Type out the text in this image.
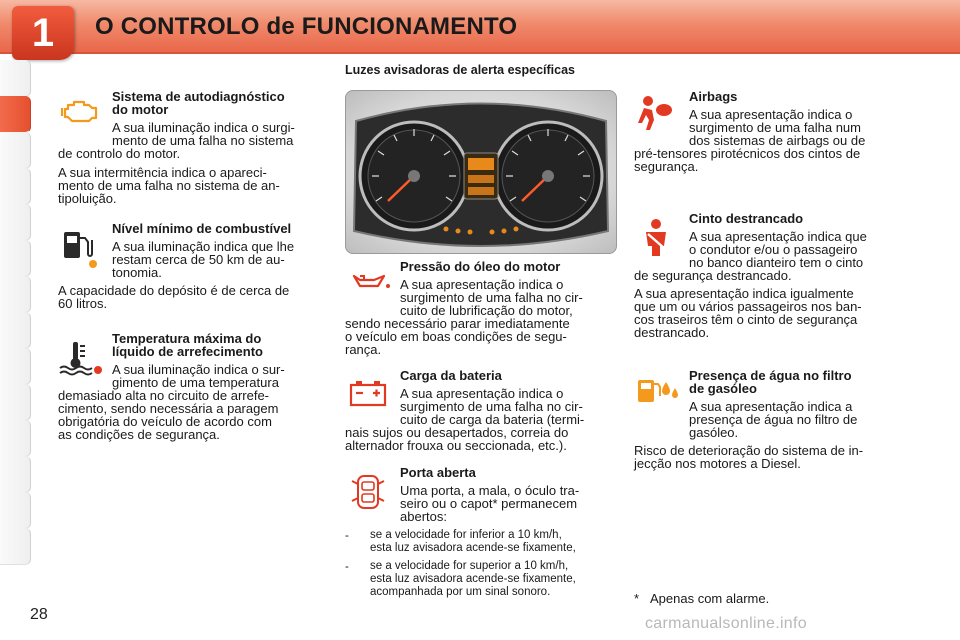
O CONTROLO de FUNCIONAMENTO
1
28

Sistema de autodiagnóstico

do motor

A sua iluminação indica o surgi-

mento de uma falha no sistema

de controlo do motor.

A sua intermitência indica o apareci-

mento de uma falha no sistema de an-

tipoluição.

Nível mínimo de combustível

A sua iluminação indica que lhe

restam cerca de 50 km de au-

tonomia.

A capacidade do depósito é de cerca de

60 litros.

Temperatura máxima do

líquido de arrefecimento

A sua iluminação indica o sur-

gimento de uma temperatura

demasiado alta no circuito de arrefe-

cimento, sendo necessária a paragem

obrigatória do veículo de acordo com

as condições de segurança.

Luzes avisadoras de alerta específicas

Pressão do óleo do motor

A sua apresentação indica o

surgimento de uma falha no cir-

cuito de lubrificação do motor,

sendo necessário parar imediatamente

o veículo em boas condições de segu-

rança.

Carga da bateria

A sua apresentação indica o

surgimento de uma falha no cir-

cuito de carga da bateria (termi-

nais sujos ou desapertados, correia do

alternador frouxa ou seccionada, etc.).

Porta aberta

Uma porta, a mala, o óculo tra-

seiro ou o capot* permanecem

abertos:

- se a velocidade for inferior a 10 km/h,

esta luz avisadora acende-se fixamente,

- se a velocidade for superior a 10 km/h,

esta luz avisadora acende-se fixamente,

acompanhada por um sinal sonoro.

Airbags

A sua apresentação indica o

surgimento de uma falha num

dos sistemas de airbags ou de

pré-tensores pirotécnicos dos cintos de

segurança.

Cinto destrancado

A sua apresentação indica que

o condutor e/ou o passageiro

no banco dianteiro tem o cinto

de segurança destrancado.

A sua apresentação indica igualmente

que um ou vários passageiros nos ban-

cos traseiros têm o cinto de segurança

destrancado.

Presença de água no filtro

de gasóleo

A sua apresentação indica a

presença de água no filtro de

gasóleo.

Risco de deterioração do sistema de in-

jecção nos motores a Diesel.

* Apenas com alarme.
carmanualsonline.info
